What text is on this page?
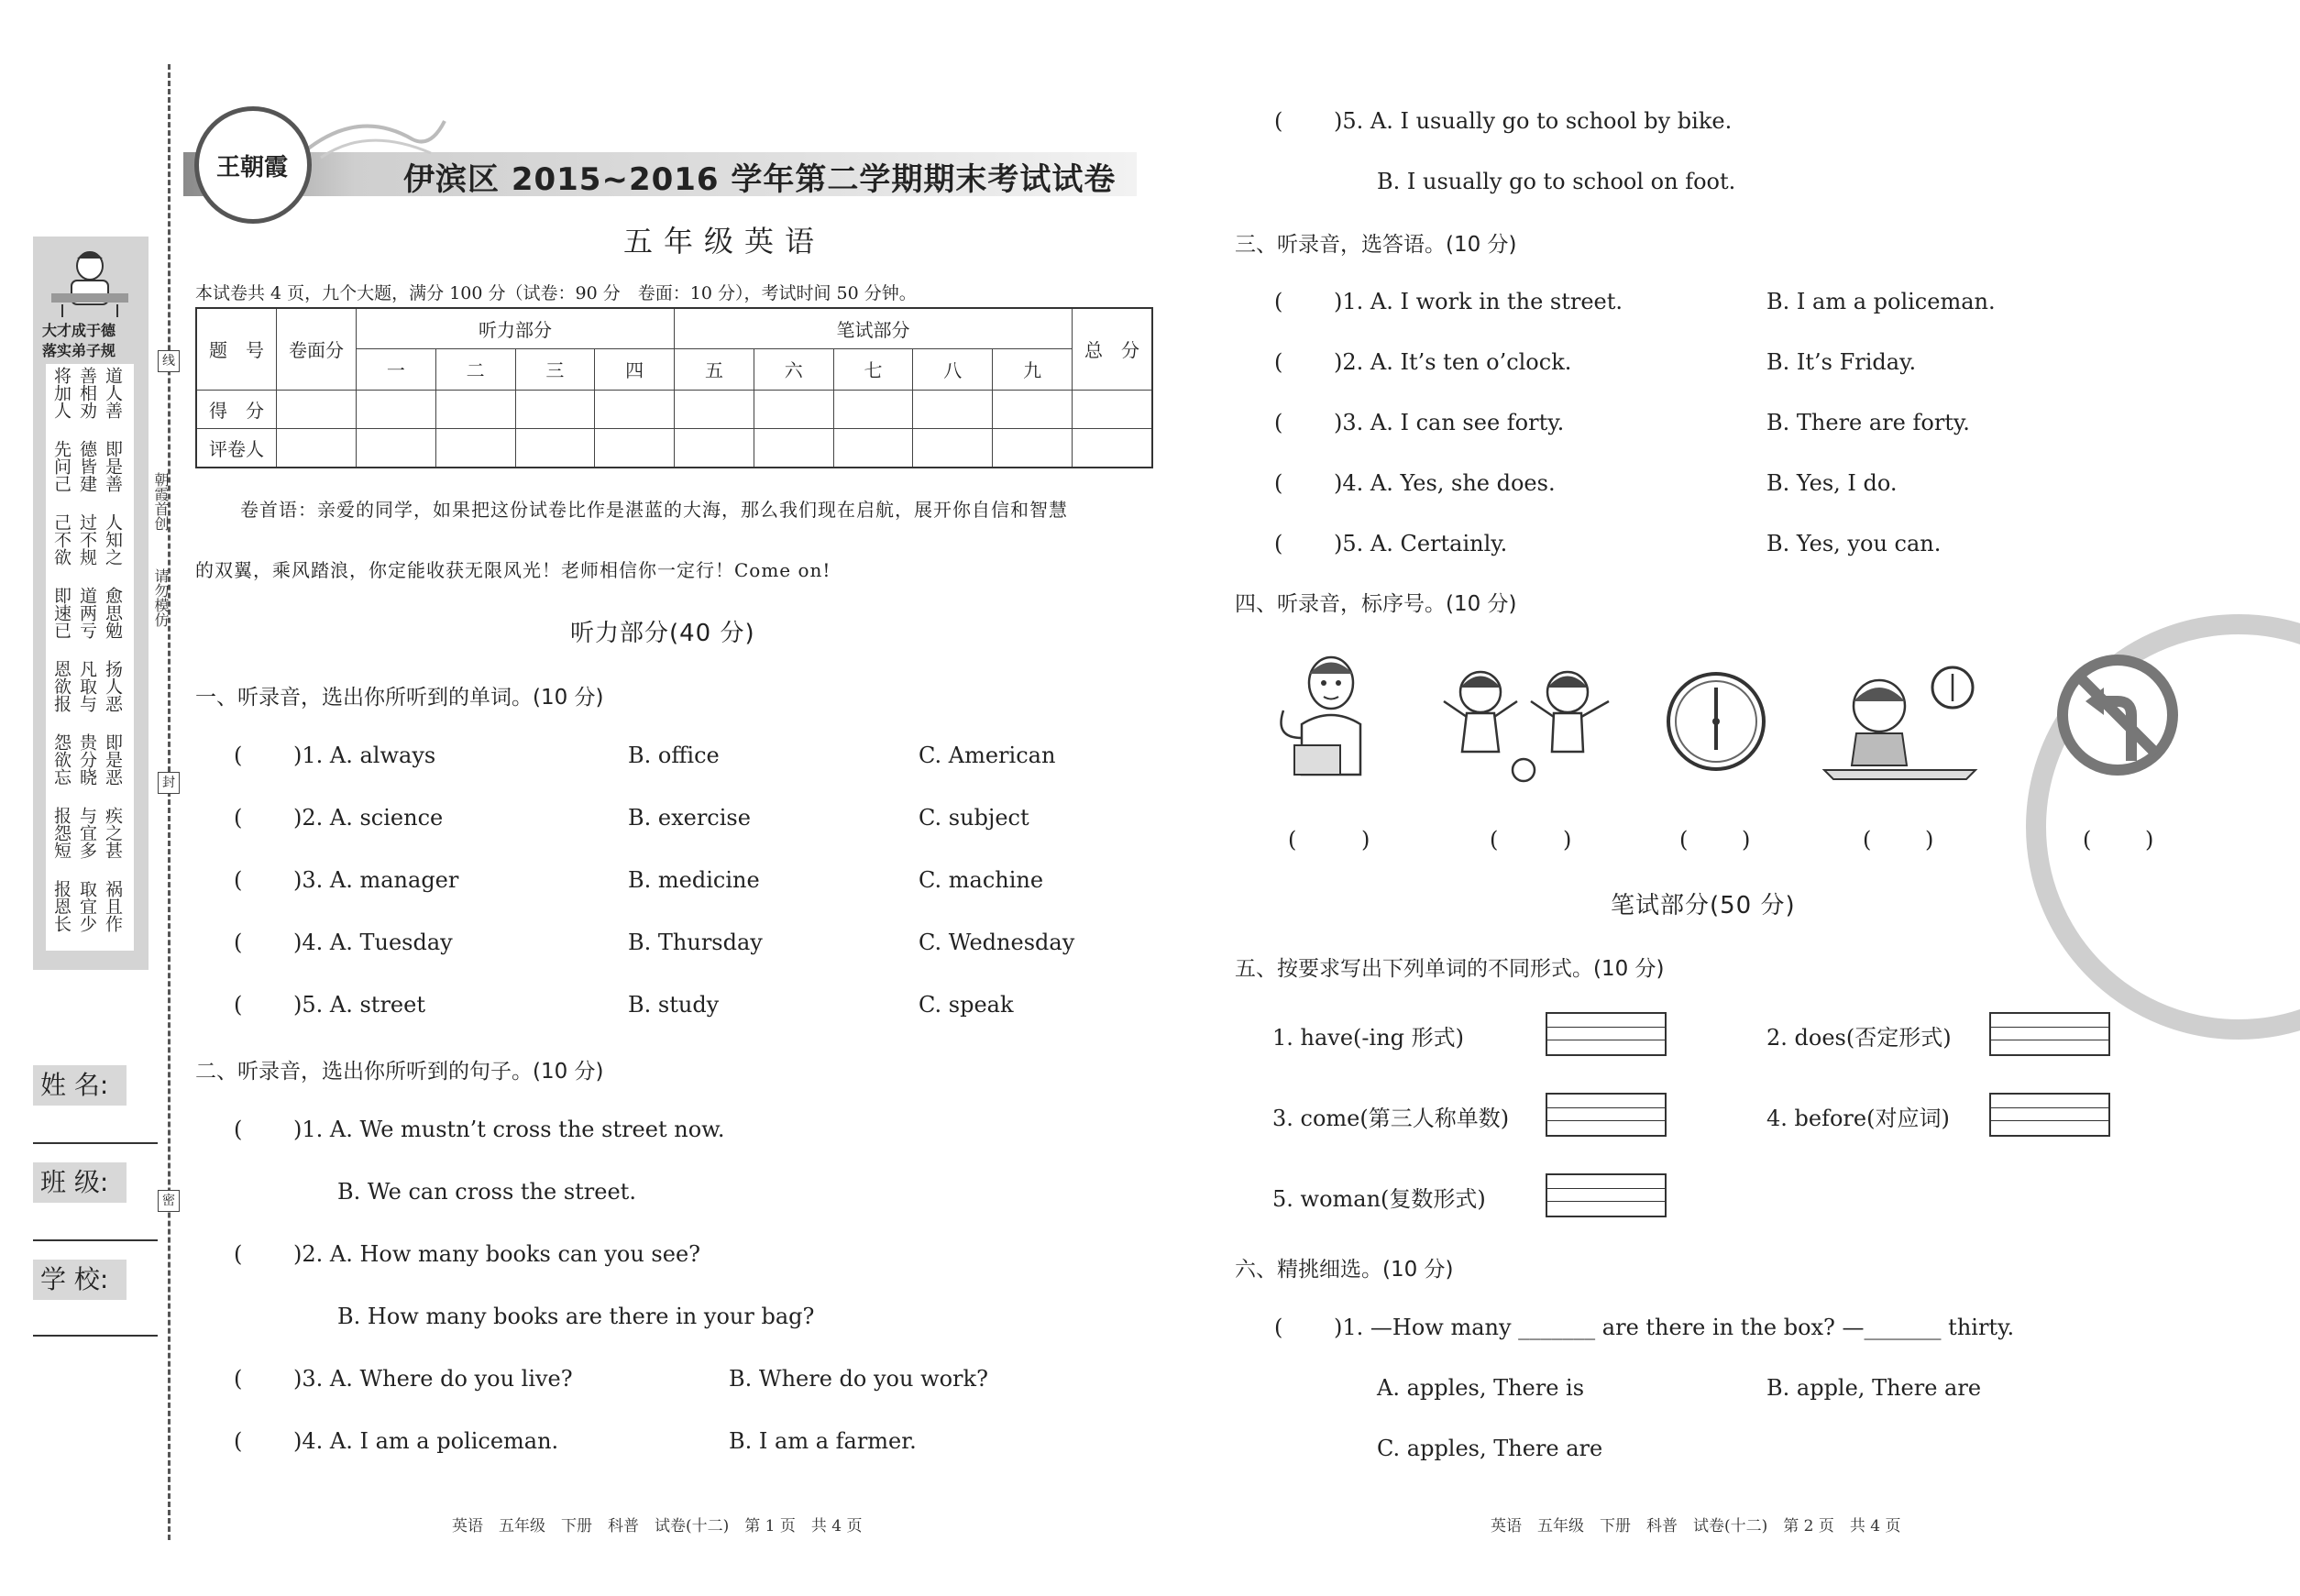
大才成于德
落实弟子规
将加人 善相劝 道人善
先问己 德皆建 即是善
己不欲 过不规 人知之
即速已 道两亏 愈思勉
恩欲报 凡取与 扬人恶
怨欲忘 贵分晓 即是恶
报怨短 与宜多 疾之甚
报恩长 取宜少 祸且作
朝霞首创
请勿模仿
线
封
密
姓 名:
班 级:
学 校:
王朝霞	伊滨区 2015~2016 学年第二学期期末考试试卷
五年级英语
本试卷共 4 页，九个大题，满分 100 分（试卷：90 分　卷面：10 分），考试时间 50 分钟。
题　号	卷面分	听力部分				笔试部分					总　分
		一	二	三	四	五	六	七	八	九	
得　分											
评卷人											
卷首语：亲爱的同学，如果把这份试卷比作是湛蓝的大海，那么我们现在启航，展开你自信和智慧
的双翼，乘风踏浪，你定能收获无限风光！老师相信你一定行！Come on!
听力部分(40 分)
一、听录音，选出你所听到的单词。(10 分)
( )1. A. always	B. office	C. American
( )2. A. science	B. exercise	C. subject
( )3. A. manager	B. medicine	C. machine
( )4. A. Tuesday	B. Thursday	C. Wednesday
( )5. A. street	B. study	C. speak
二、听录音，选出你所听到的句子。(10 分)
( )1. A. We mustn’t cross the street now.
B. We can cross the street.
( )2. A. How many books can you see?
B. How many books are there in your bag?
( )3. A. Where do you live?	B. Where do you work?
( )4. A. I am a policeman.	B. I am a farmer.
英语　五年级　下册　科普　试卷(十二)　第 1 页　共 4 页
( )5. A. I usually go to school by bike.
B. I usually go to school on foot.
三、听录音，选答语。(10 分)
( )1. A. I work in the street.	B. I am a policeman.
( )2. A. It’s ten o’clock.	B. It’s Friday.
( )3. A. I can see forty.	B. There are forty.
( )4. A. Yes, she does.	B. Yes, I do.
( )5. A. Certainly.	B. Yes, you can.
四、听录音，标序号。(10 分)
(	)	(	)	( )	( )	( )
笔试部分(50 分)
五、按要求写出下列单词的不同形式。(10 分)
1. have(-ing 形式)	2. does(否定形式)
3. come(第三人称单数)	4. before(对应词)
5. woman(复数形式)
六、精挑细选。(10 分)
( )1. —How many _______ are there in the box? —_______ thirty.
A. apples, There is	B. apple, There are
C. apples, There are
英语　五年级　下册　科普　试卷(十二)　第 2 页　共 4 页
